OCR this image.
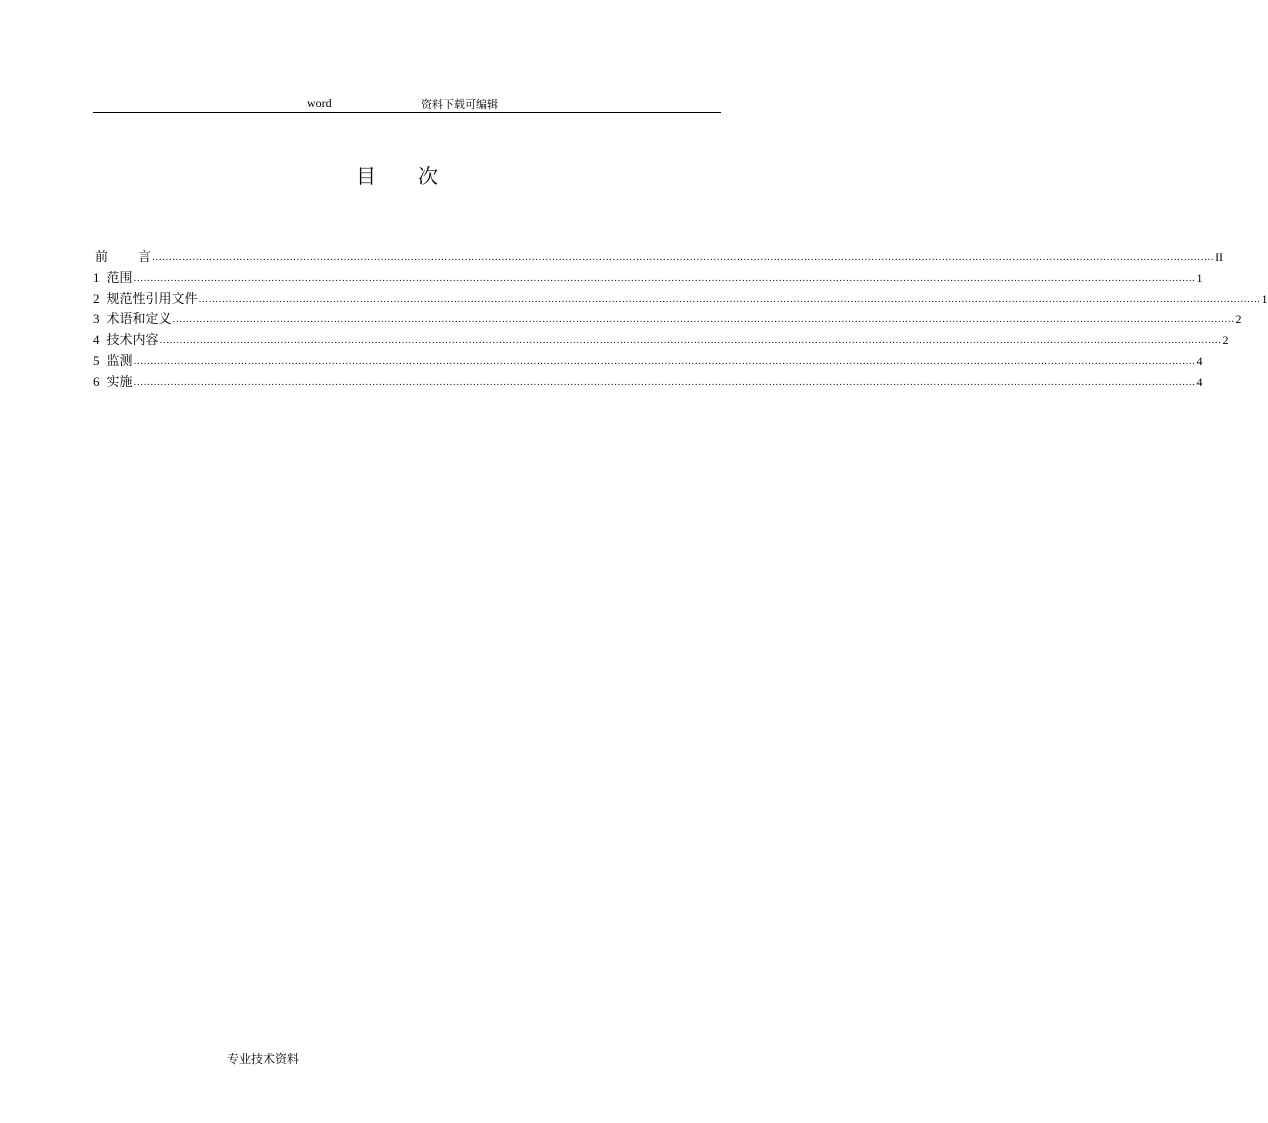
word	资料下载可编辑
目 次
前 言 ............................................................................................................................................................................................................................................................................................................................ II
1 范围 ............................................................................................................................................................................................................................................................................................................................ 1
2 规范性引用文件 ............................................................................................................................................................................................................................................................................................................................ 1
3 术语和定义 ............................................................................................................................................................................................................................................................................................................................ 2
4 技术内容 ............................................................................................................................................................................................................................................................................................................................ 2
5 监测 ............................................................................................................................................................................................................................................................................................................................ 4
6 实施 ............................................................................................................................................................................................................................................................................................................................ 4
专业技术资料
